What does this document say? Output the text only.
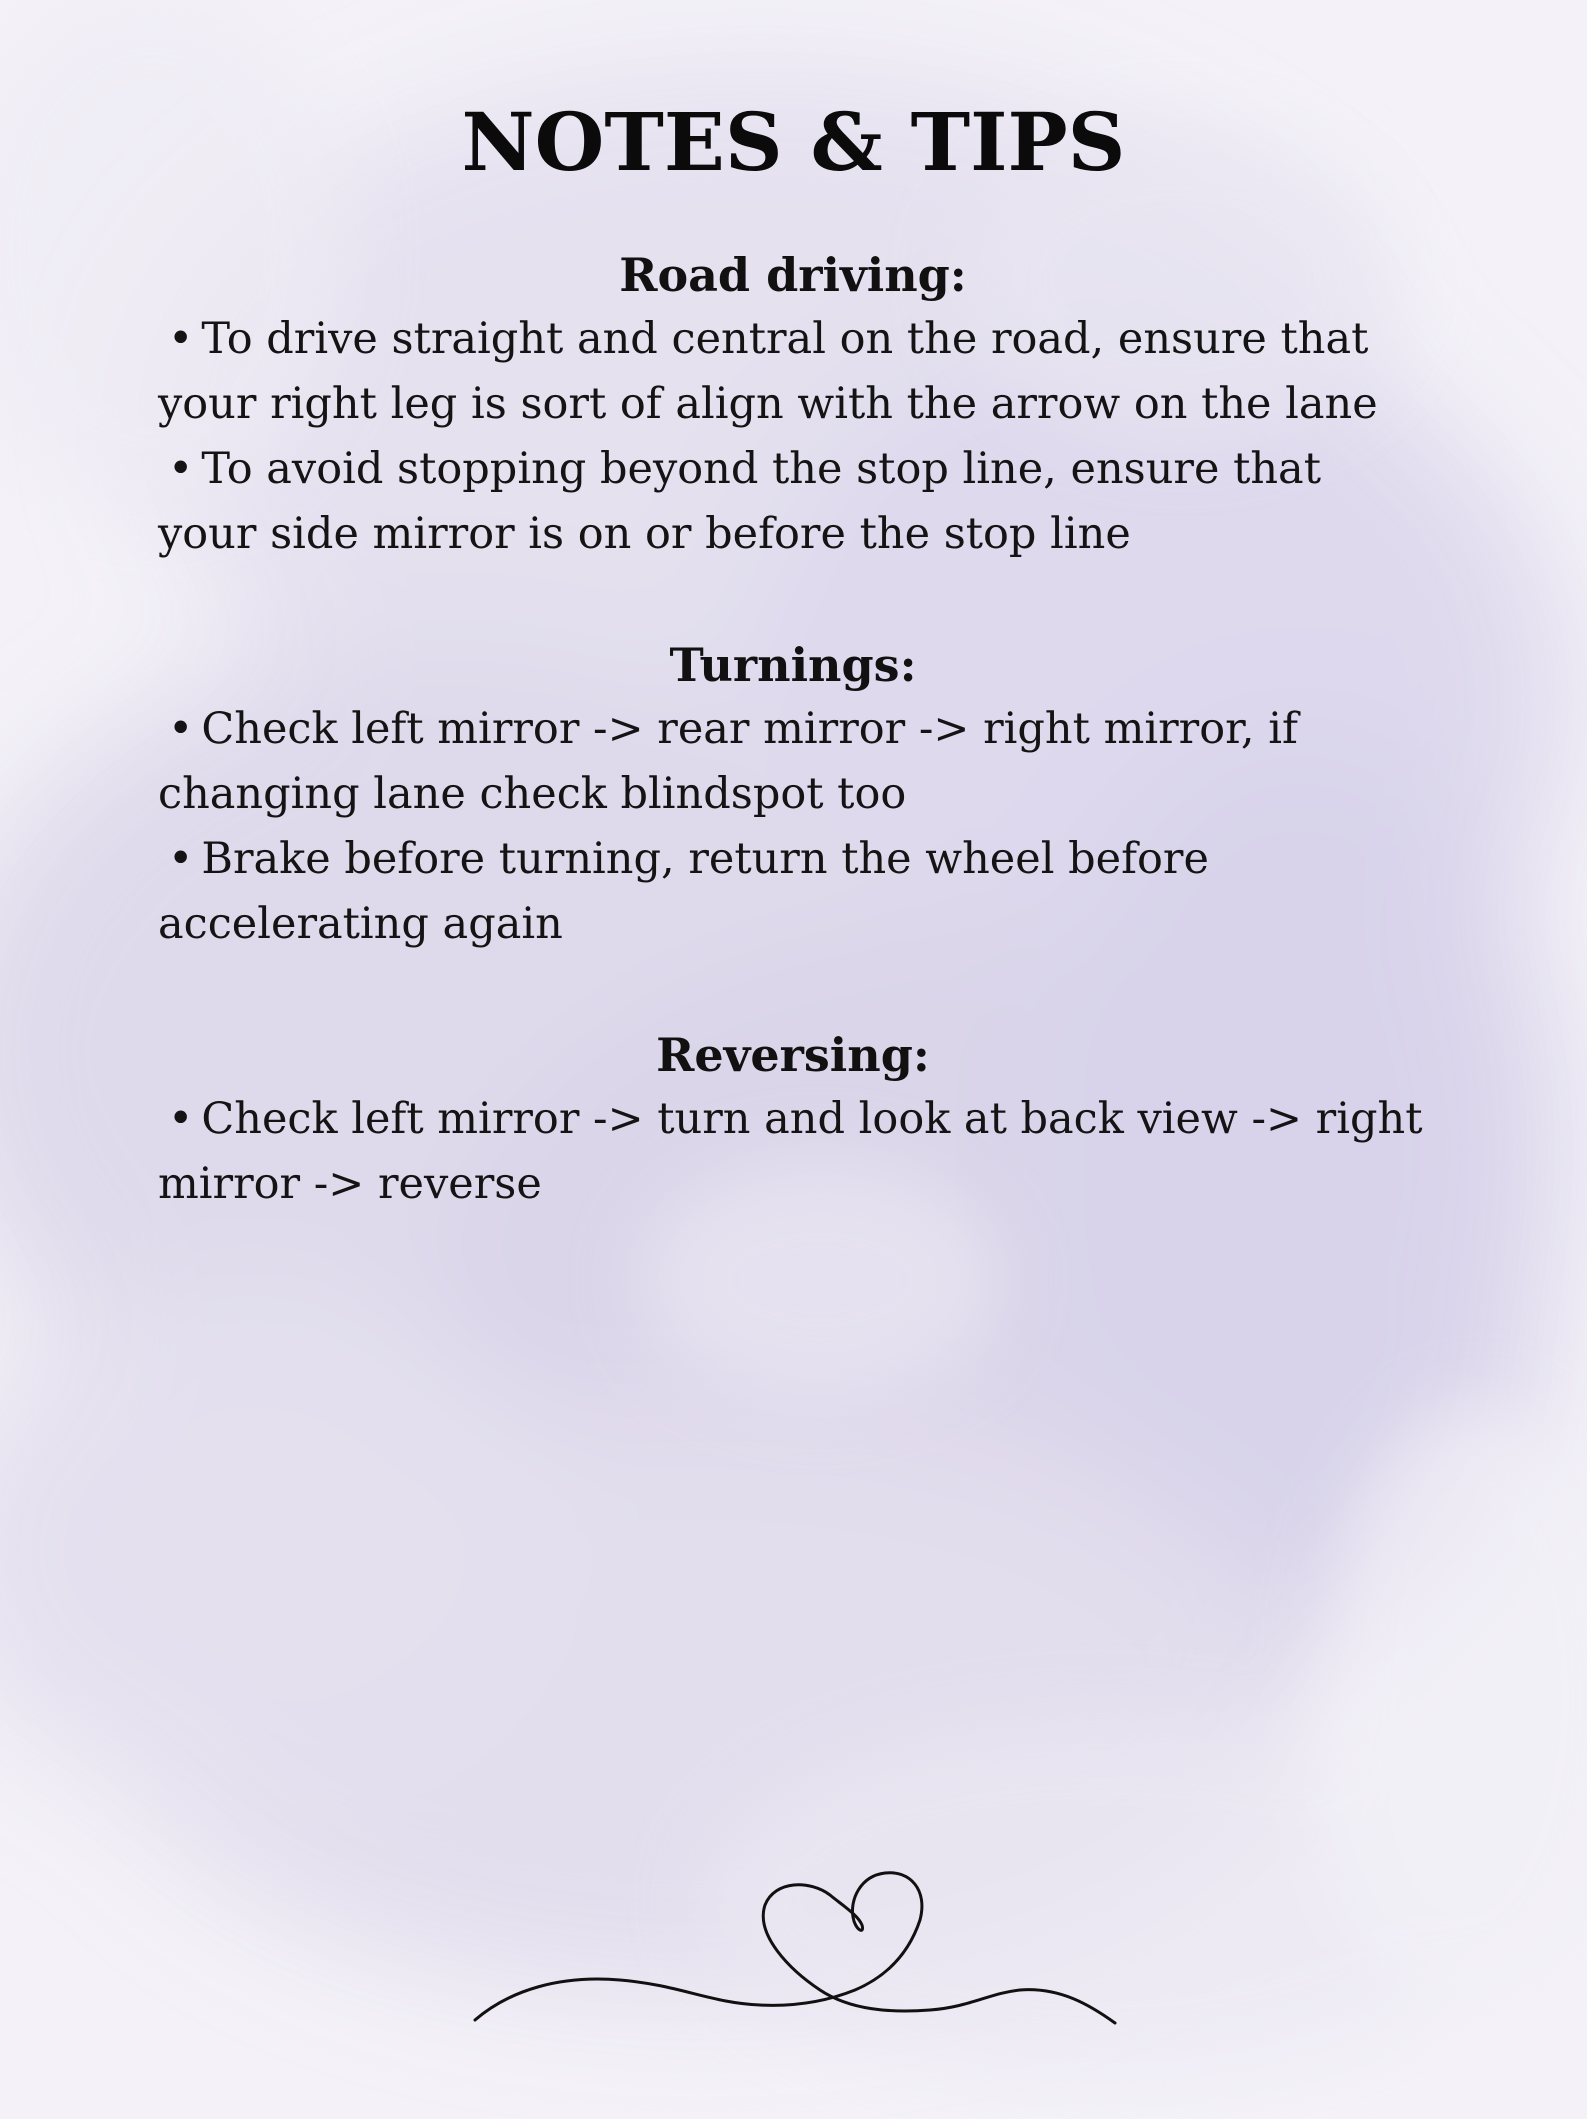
NOTES & TIPS
Road driving:

• To drive straight and central on the road, ensure that your right leg is sort of align with the arrow on the lane

• To avoid stopping beyond the stop line, ensure that your side mirror is on or before the stop line

Turnings:

• Check left mirror -> rear mirror -> right mirror, if changing lane check blindspot too

• Brake before turning, return the wheel before accelerating again

Reversing:

• Check left mirror -> turn and look at back view -> right mirror -> reverse
